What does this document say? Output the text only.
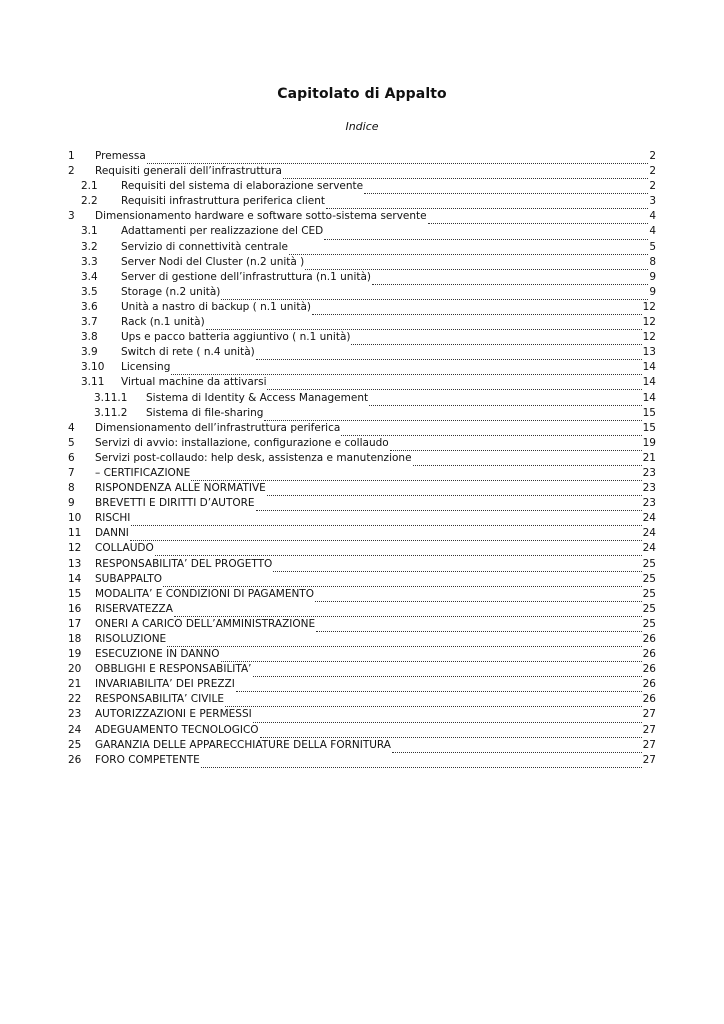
Capitolato di Appalto
Indice
1	Premessa	2
2	Requisiti generali dell’infrastruttura	2
2.1	Requisiti del sistema di elaborazione servente	2
2.2	Requisiti infrastruttura periferica client	3
3	Dimensionamento hardware e software sotto-sistema servente	4
3.1	Adattamenti per realizzazione del CED	4
3.2	Servizio di connettività centrale	5
3.3	Server Nodi del Cluster (n.2 unità )	8
3.4	Server di gestione dell’infrastruttura (n.1 unità)	9
3.5	Storage (n.2 unità)	9
3.6	Unità a nastro di backup ( n.1 unità)	12
3.7	Rack (n.1 unità)	12
3.8	Ups e pacco batteria aggiuntivo ( n.1 unità)	12
3.9	Switch di rete ( n.4 unità)	13
3.10	Licensing	14
3.11	Virtual machine da attivarsi	14
3.11.1	Sistema di Identity & Access Management	14
3.11.2	Sistema di file-sharing	15
4	Dimensionamento dell’infrastruttura periferica	15
5	Servizi di avvio: installazione, configurazione e collaudo	19
6	Servizi post-collaudo: help desk, assistenza e manutenzione	21
7	– CERTIFICAZIONE	23
8	RISPONDENZA ALLE NORMATIVE	23
9	BREVETTI E DIRITTI D’AUTORE	23
10	RISCHI	24
11	DANNI	24
12	COLLAUDO	24
13	RESPONSABILITA’ DEL PROGETTO	25
14	SUBAPPALTO	25
15	MODALITA’ E CONDIZIONI DI PAGAMENTO	25
16	RISERVATEZZA	25
17	ONERI A CARICO DELL’AMMINISTRAZIONE	25
18	RISOLUZIONE	26
19	ESECUZIONE IN DANNO	26
20	OBBLIGHI E RESPONSABILITA’	26
21	INVARIABILITA’ DEI PREZZI	26
22	RESPONSABILITA’ CIVILE	26
23	AUTORIZZAZIONI E PERMESSI	27
24	ADEGUAMENTO TECNOLOGICO	27
25	GARANZIA DELLE APPARECCHIATURE DELLA FORNITURA	27
26	FORO COMPETENTE	27
